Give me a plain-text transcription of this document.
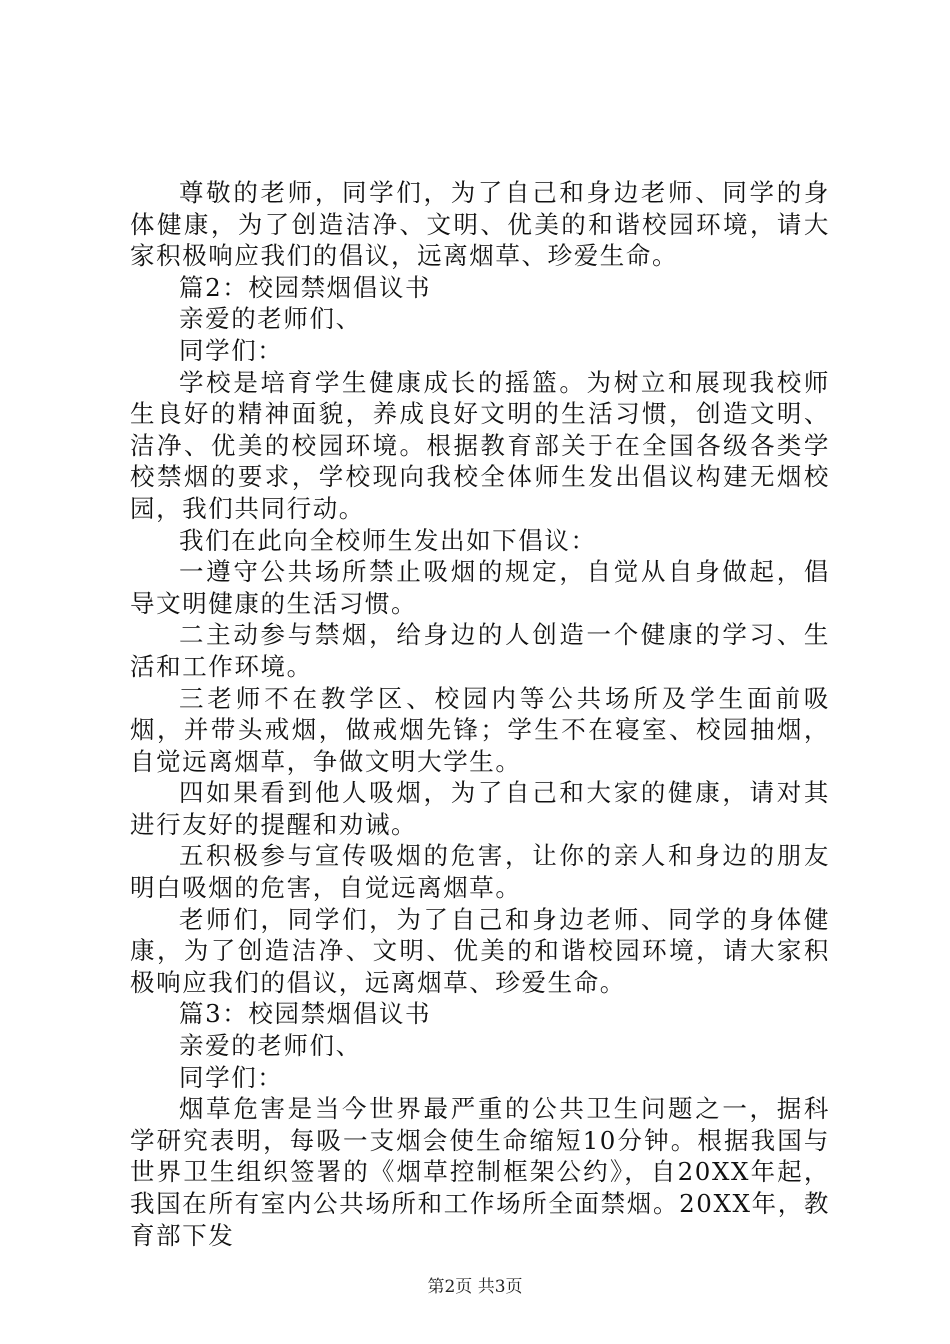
尊敬的老师，同学们，为了自己和身边老师、同学的身体健康，为了创造洁净、文明、优美的和谐校园环境，请大家积极响应我们的倡议，远离烟草、珍爱生命。

篇2：校园禁烟倡议书

亲爱的老师们、

同学们：

学校是培育学生健康成长的摇篮。为树立和展现我校师生良好的精神面貌，养成良好文明的生活习惯，创造文明、洁净、优美的校园环境。根据教育部关于在全国各级各类学校禁烟的要求，学校现向我校全体师生发出倡议构建无烟校园，我们共同行动。

我们在此向全校师生发出如下倡议：

一遵守公共场所禁止吸烟的规定，自觉从自身做起，倡导文明健康的生活习惯。

二主动参与禁烟，给身边的人创造一个健康的学习、生活和工作环境。

三老师不在教学区、校园内等公共场所及学生面前吸烟，并带头戒烟，做戒烟先锋；学生不在寝室、校园抽烟，自觉远离烟草，争做文明大学生。

四如果看到他人吸烟，为了自己和大家的健康，请对其进行友好的提醒和劝诫。

五积极参与宣传吸烟的危害，让你的亲人和身边的朋友明白吸烟的危害，自觉远离烟草。

老师们，同学们，为了自己和身边老师、同学的身体健康，为了创造洁净、文明、优美的和谐校园环境，请大家积极响应我们的倡议，远离烟草、珍爱生命。

篇3：校园禁烟倡议书

亲爱的老师们、

同学们：

烟草危害是当今世界最严重的公共卫生问题之一，据科学研究表明，每吸一支烟会使生命缩短10分钟。根据我国与世界卫生组织签署的《烟草控制框架公约》，自20XX年起，我国在所有室内公共场所和工作场所全面禁烟。20XX年，教育部下发

第2页 共3页
